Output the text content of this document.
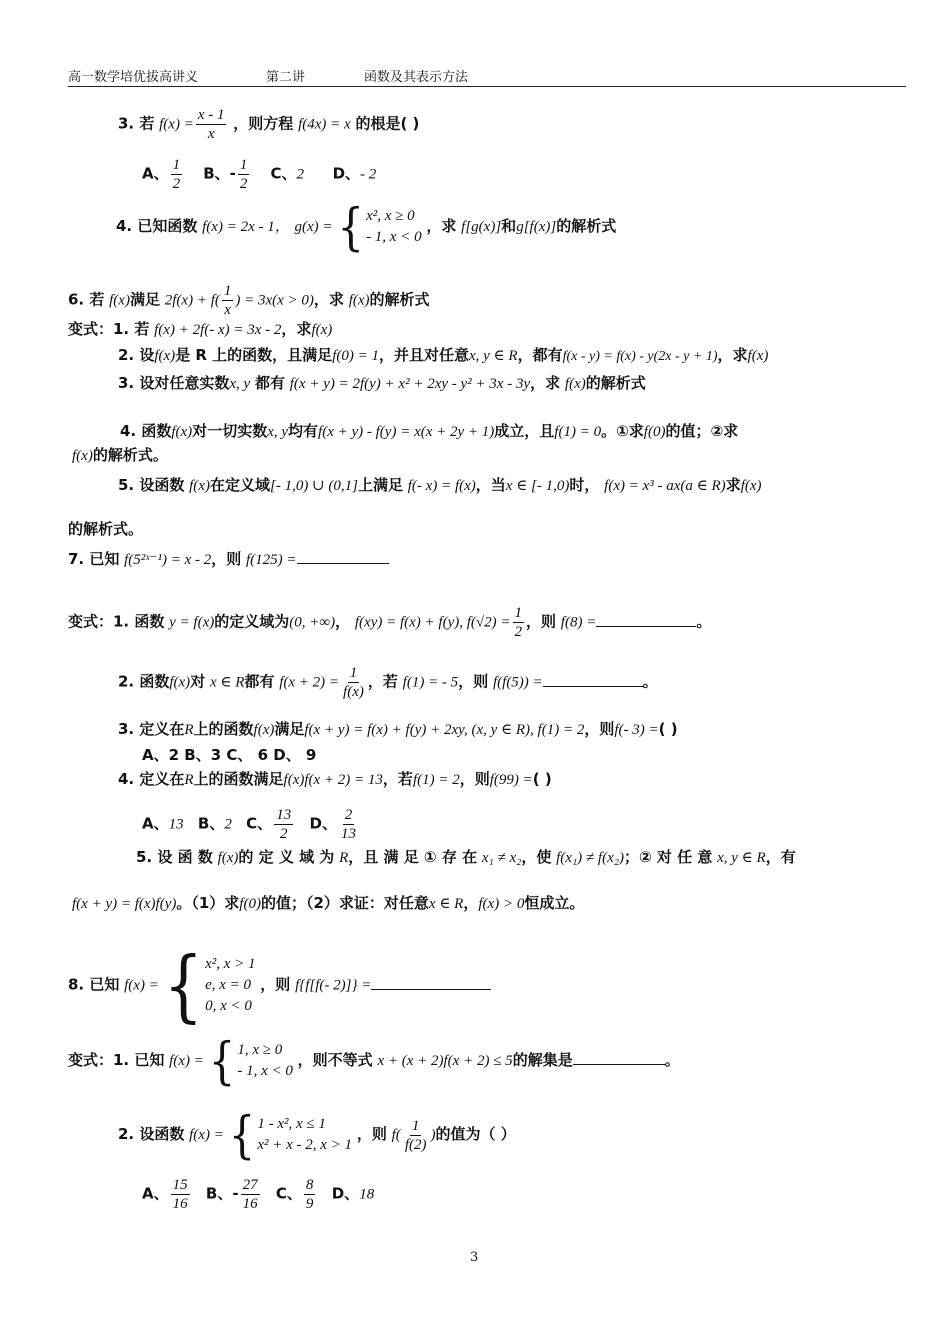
高一数学培优拔高讲义	第二讲	函数及其表示方法
3. 若 $f(x) = \frac{x - 1}{x}$ ，则方程 f(4x) = x 的根是( )
A、 $\frac{1}{2}$ B、- $\frac{1}{2}$ C、2 D、- 2
4. 已知函数 f(x) = 2x - 1， g(x) = { x², x ≥ 0
- 1, x < 0
，求 f[g(x)]和g[f(x)]的解析式
6. 若 f(x)满足 $2f(x) + f( \frac{1}{x}$ ) = 3x(x > 0)，求 f(x)的解析式
变式：1. 若 f(x) + 2f(- x) = 3x - 2，求f(x)
2. 设f(x)是 R 上的函数，且满足f(0) = 1，并且对任意x, y ∈ R，都有f(x - y) = f(x) - y(2x - y + 1)，求f(x)
3. 设对任意实数x, y 都有 f(x + y) = 2f(y) + x² + 2xy - y² + 3x - 3y，求 f(x)的解析式
4. 函数f(x)对一切实数x, y均有f(x + y) - f(y) = x(x + 2y + 1)成立，且f(1) = 0。①求f(0)的值；②求
f(x)的解析式。
5. 设函数 f(x)在定义域[- 1,0) ∪ (0,1]上满足 f(- x) = f(x)，当x ∈ [- 1,0)时， f(x) = x³ - ax(a ∈ R)求f(x)
的解析式。
7. 已知 f(5²ˣ⁻¹) = x - 2，则 f(125) =
变式：1. 函数 y = f(x)的定义域为(0, +∞)， f(xy) = f(x) + f(y), $f(√2) = \frac{1}{2}$ ，则 f(8) =	。
2. 函数f(x)对 x ∈ R都有 $f(x + 2) = \frac{1}{f(x)}$ ，若 f(1) = - 5，则 f(f(5)) =	。
3. 定义在R上的函数f(x)满足f(x + y) = f(x) + f(y) + 2xy, (x, y ∈ R), f(1) = 2，则f(- 3) =( )
A、2 B、3 C、 6 D、 9
4. 定义在R上的函数满足f(x)f(x + 2) = 13，若f(1) = 2，则f(99) =( )
A、13 B、2 C、 $\frac{13}{2}$ D、 $\frac{2}{13}$
5. 设 函 数 f(x)的 定 义 域 为 R，且 满 足 ① 存 在 x₁ ≠ x₂，使 f(x₁) ≠ f(x₂)；② 对 任 意 x, y ∈ R，有
f(x + y) = f(x)f(y)。（1）求f(0)的值；（2）求证：对任意x ∈ R，f(x) > 0恒成立。
8. 已知 f(x) = { x², x > 1
e, x = 0
0, x < 0
，则 f{f[f(- 2)]} =
变式：1. 已知 f(x) = { 1, x ≥ 0
- 1, x < 0
，则不等式 x + (x + 2)f(x + 2) ≤ 5的解集是	。
2. 设函数 f(x) = { 1 - x², x ≤ 1
x² + x - 2, x > 1
，则 $f( \frac{1}{f(2)}$ )的值为（ ）
A、 $\frac{15}{16}$ B、- $\frac{27}{16}$ C、 $\frac{8}{9}$ D、18
3
